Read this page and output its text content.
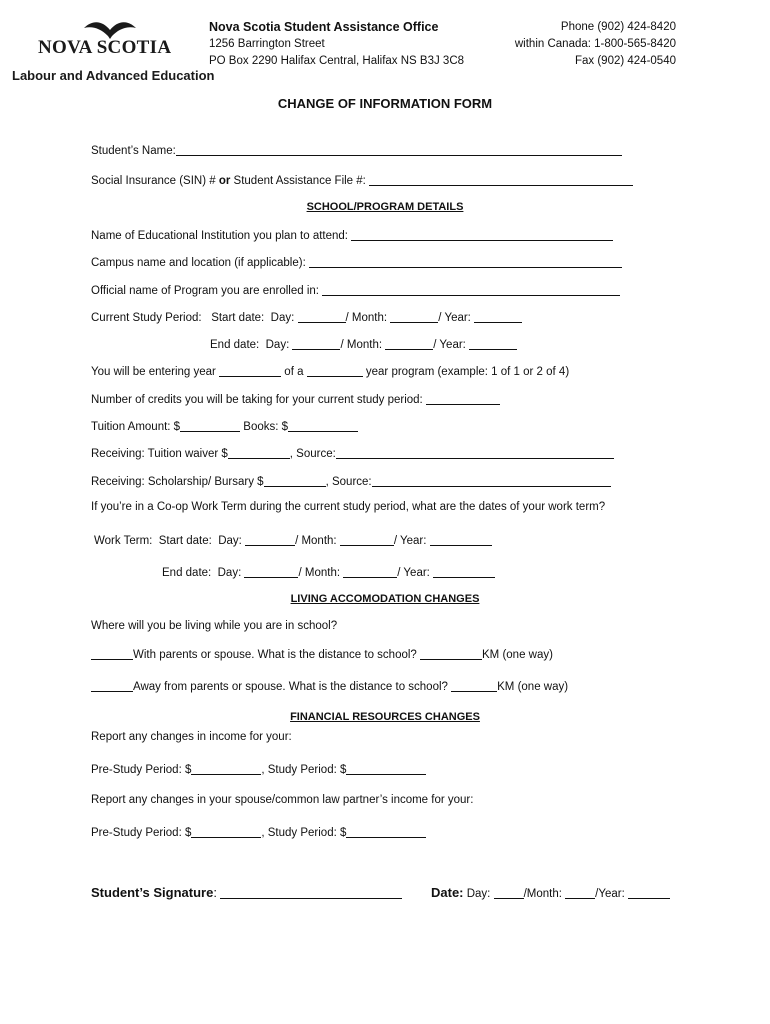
NOVA SCOTIA
Labour and Advanced Education
Nova Scotia Student Assistance Office
1256 Barrington Street
PO Box 2290 Halifax Central, Halifax NS B3J 3C8
Phone (902) 424-8420
within Canada: 1-800-565-8420
Fax (902) 424-0540
CHANGE OF INFORMATION FORM
Student’s Name:
Social Insurance (SIN) # or Student Assistance File #:
SCHOOL/PROGRAM DETAILS
Name of Educational Institution you plan to attend:
Campus name and location (if applicable):
Official name of Program you are enrolled in:
Current Study Period: Start date: Day:	/ Month:	/ Year:
End date: Day:	/ Month:	/ Year:
You will be entering year	of a	year program (example: 1 of 1 or 2 of 4)
Number of credits you will be taking for your current study period:
Tuition Amount: $	Books: $
Receiving: Tuition waiver $	, Source:
Receiving: Scholarship/ Bursary $	, Source:
If you’re in a Co-op Work Term during the current study period, what are the dates of your work term?
Work Term: Start date: Day:	/ Month:	/ Year:
End date: Day:	/ Month:	/ Year:
LIVING ACCOMODATION CHANGES
Where will you be living while you are in school?
With parents or spouse. What is the distance to school?	KM (one way)
Away from parents or spouse. What is the distance to school?	KM (one way)
FINANCIAL RESOURCES CHANGES
Report any changes in income for your:
Pre-Study Period: $	, Study Period: $
Report any changes in your spouse/common law partner’s income for your:
Pre-Study Period: $	, Study Period: $
Student’s Signature:	Date: Day:	/Month:	/Year:
